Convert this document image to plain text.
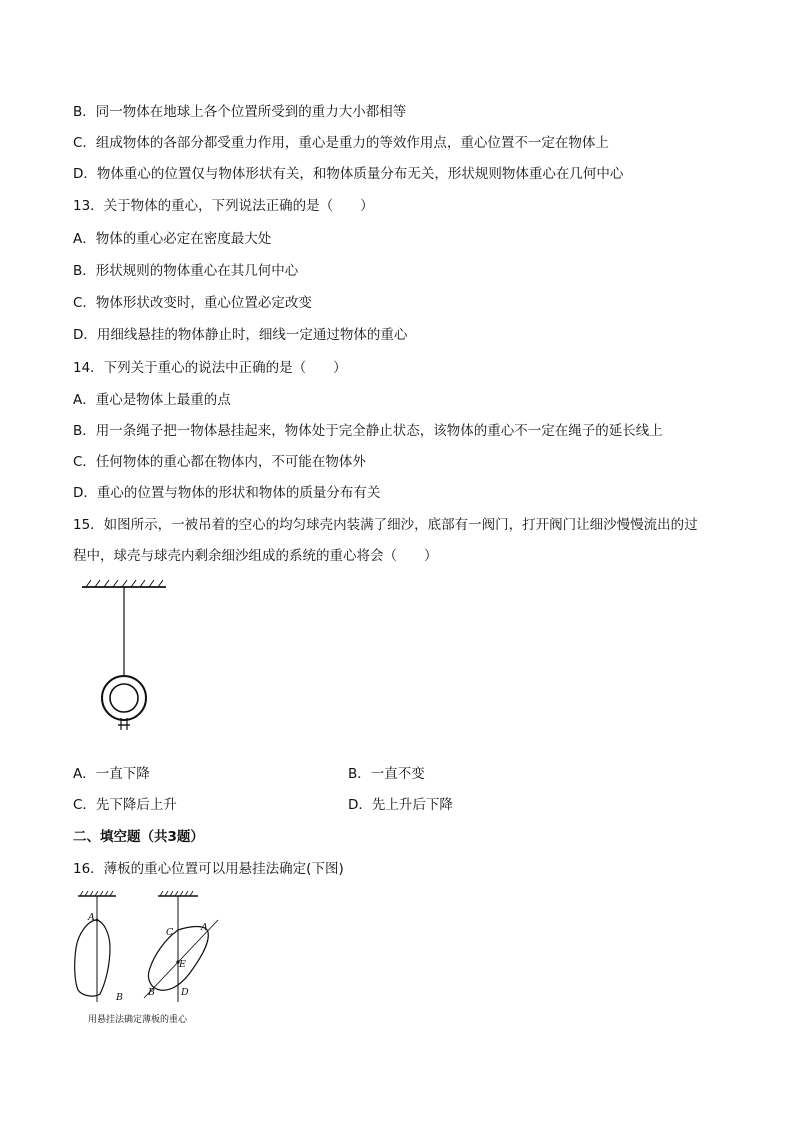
B．同一物体在地球上各个位置所受到的重力大小都相等
C．组成物体的各部分都受重力作用，重心是重力的等效作用点，重心位置不一定在物体上
D．物体重心的位置仅与物体形状有关，和物体质量分布无关，形状规则物体重心在几何中心
13．关于物体的重心，下列说法正确的是（　　）
A．物体的重心必定在密度最大处
B．形状规则的物体重心在其几何中心
C．物体形状改变时，重心位置必定改变
D．用细线悬挂的物体静止时，细线一定通过物体的重心
14．下列关于重心的说法中正确的是（　　）
A．重心是物体上最重的点
B．用一条绳子把一物体悬挂起来，物体处于完全静止状态，该物体的重心不一定在绳子的延长线上
C．任何物体的重心都在物体内，不可能在物体外
D．重心的位置与物体的形状和物体的质量分布有关
15．如图所示，一被吊着的空心的均匀球壳内装满了细沙，底部有一阀门，打开阀门让细沙慢慢流出的过
程中，球壳与球壳内剩余细沙组成的系统的重心将会（　　）
A．一直下降	B．一直不变
C．先下降后上升	D．先上升后下降
二、填空题（共3题）
16．薄板的重心位置可以用悬挂法确定(下图)
A
B
C	A
E
B	D
用悬挂法确定薄板的重心
